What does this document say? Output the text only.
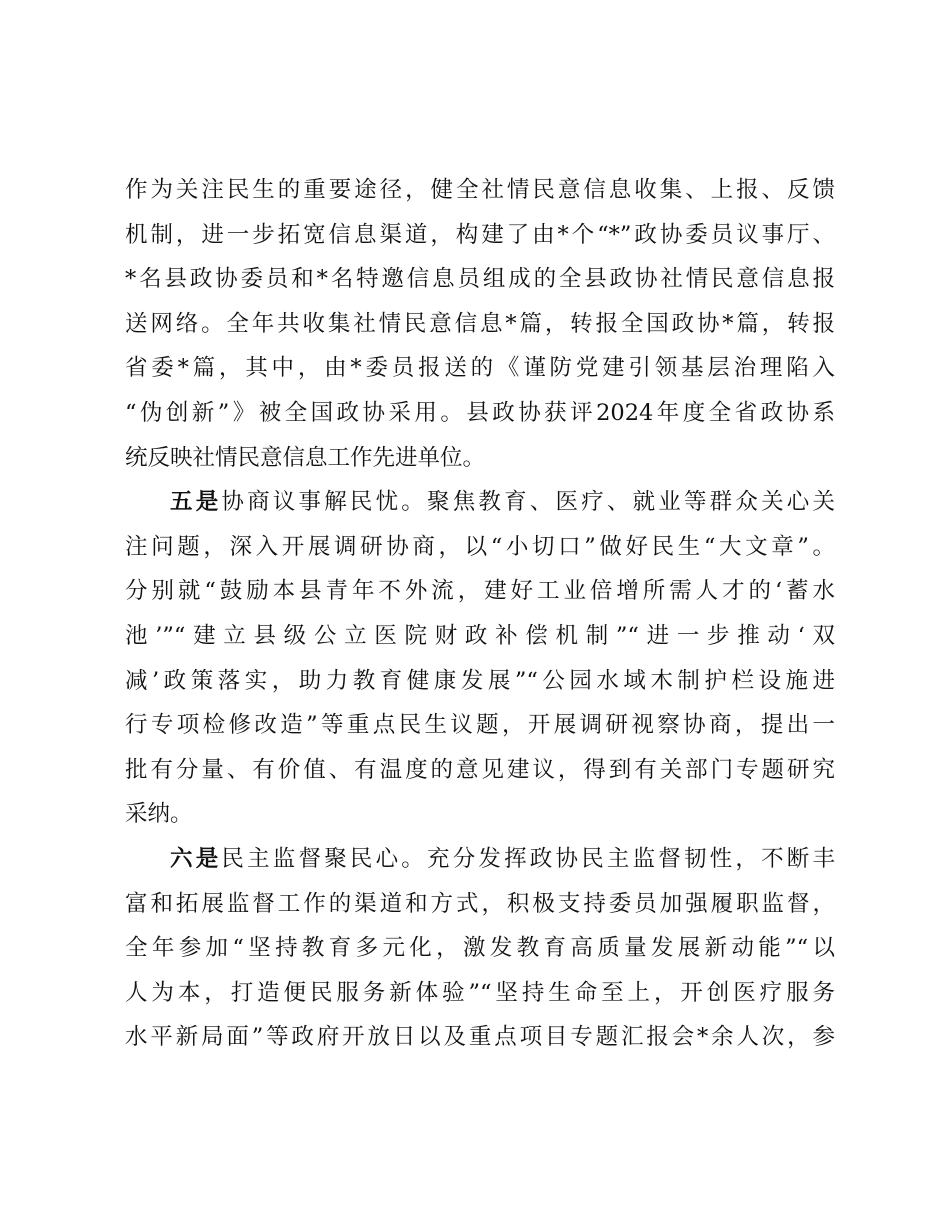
作为关注民生的重要途径，健全社情民意信息收集、上报、反馈
机制，进一步拓宽信息渠道，构建了由*个“*”政协委员议事厅、
*名县政协委员和*名特邀信息员组成的全县政协社情民意信息报
送网络。全年共收集社情民意信息*篇，转报全国政协*篇，转报
省委*篇，其中，由*委员报送的《谨防党建引领基层治理陷入
“伪创新”》被全国政协采用。县政协获评2024年度全省政协系
统反映社情民意信息工作先进单位。
五是协商议事解民忧。聚焦教育、医疗、就业等群众关心关
注问题，深入开展调研协商，以“小切口”做好民生“大文章”。
分别就“鼓励本县青年不外流，建好工业倍增所需人才的‘蓄水
池’”“建立县级公立医院财政补偿机制”“进一步推动‘双
减’政策落实，助力教育健康发展”“公园水域木制护栏设施进
行专项检修改造”等重点民生议题，开展调研视察协商，提出一
批有分量、有价值、有温度的意见建议，得到有关部门专题研究
采纳。
六是民主监督聚民心。充分发挥政协民主监督韧性，不断丰
富和拓展监督工作的渠道和方式，积极支持委员加强履职监督，
全年参加“坚持教育多元化，激发教育高质量发展新动能”“以
人为本，打造便民服务新体验”“坚持生命至上，开创医疗服务
水平新局面”等政府开放日以及重点项目专题汇报会*余人次，参
